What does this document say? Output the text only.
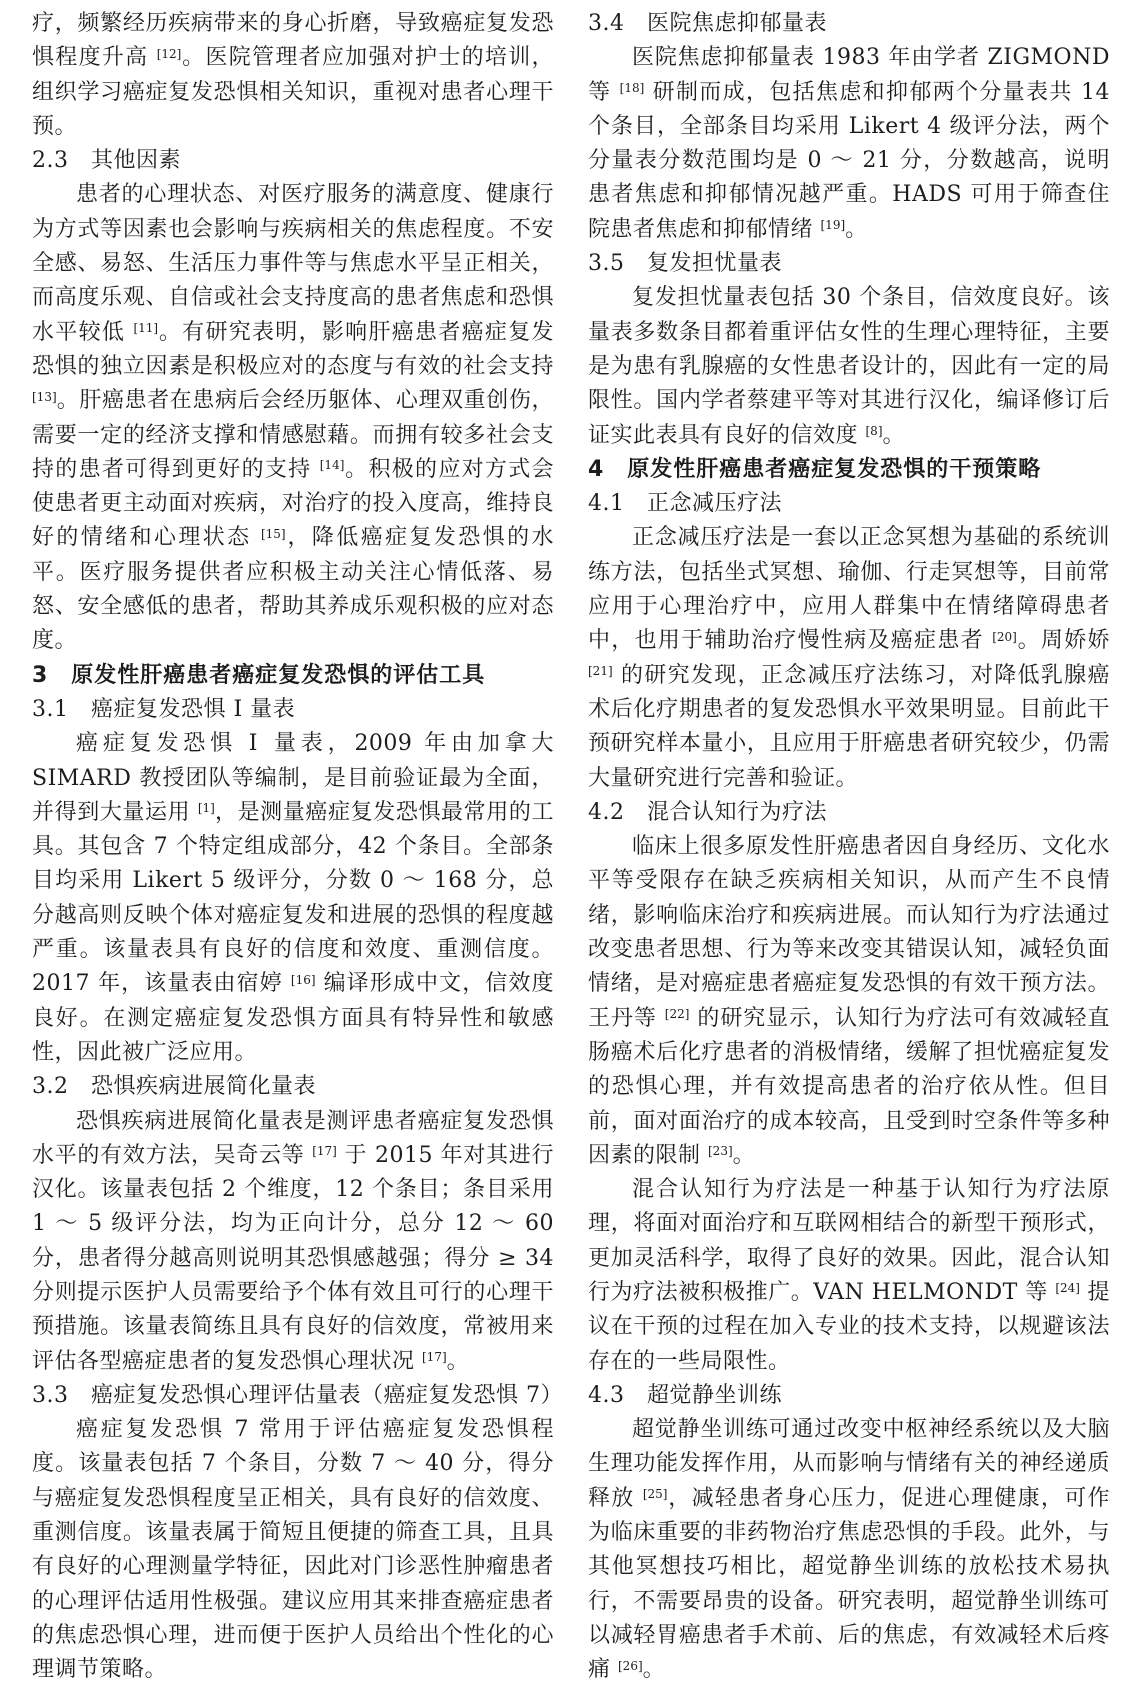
疗，频繁经历疾病带来的身心折磨，导致癌症复发恐惧程度升高 [12]。医院管理者应加强对护士的培训，组织学习癌症复发恐惧相关知识，重视对患者心理干预。
2.3　其他因素
患者的心理状态、对医疗服务的满意度、健康行为方式等因素也会影响与疾病相关的焦虑程度。不安全感、易怒、生活压力事件等与焦虑水平呈正相关，而高度乐观、自信或社会支持度高的患者焦虑和恐惧水平较低 [11]。有研究表明，影响肝癌患者癌症复发恐惧的独立因素是积极应对的态度与有效的社会支持 [13]。肝癌患者在患病后会经历躯体、心理双重创伤，需要一定的经济支撑和情感慰藉。而拥有较多社会支持的患者可得到更好的支持 [14]。积极的应对方式会使患者更主动面对疾病，对治疗的投入度高，维持良好的情绪和心理状态 [15]，降低癌症复发恐惧的水平。医疗服务提供者应积极主动关注心情低落、易怒、安全感低的患者，帮助其养成乐观积极的应对态度。
3　原发性肝癌患者癌症复发恐惧的评估工具
3.1　癌症复发恐惧 Ⅰ 量表
癌症复发恐惧 Ⅰ 量表，2009 年由加拿大 SIMARD 教授团队等编制，是目前验证最为全面，并得到大量运用 [1]，是测量癌症复发恐惧最常用的工具。其包含 7 个特定组成部分，42 个条目。全部条目均采用 Likert 5 级评分，分数 0 ～ 168 分，总分越高则反映个体对癌症复发和进展的恐惧的程度越严重。该量表具有良好的信度和效度、重测信度。2017 年，该量表由宿婷 [16] 编译形成中文，信效度良好。在测定癌症复发恐惧方面具有特异性和敏感性，因此被广泛应用。
3.2　恐惧疾病进展简化量表
恐惧疾病进展简化量表是测评患者癌症复发恐惧水平的有效方法，吴奇云等 [17] 于 2015 年对其进行汉化。该量表包括 2 个维度，12 个条目；条目采用 1 ～ 5 级评分法，均为正向计分，总分 12 ～ 60 分，患者得分越高则说明其恐惧感越强；得分 ≥ 34 分则提示医护人员需要给予个体有效且可行的心理干预措施。该量表简练且具有良好的信效度，常被用来评估各型癌症患者的复发恐惧心理状况 [17]。
3.3　癌症复发恐惧心理评估量表（癌症复发恐惧 7）
癌症复发恐惧 7 常用于评估癌症复发恐惧程度。该量表包括 7 个条目，分数 7 ～ 40 分，得分与癌症复发恐惧程度呈正相关，具有良好的信效度、重测信度。该量表属于简短且便捷的筛查工具，且具有良好的心理测量学特征，因此对门诊恶性肿瘤患者的心理评估适用性极强。建议应用其来排查癌症患者的焦虑恐惧心理，进而便于医护人员给出个性化的心理调节策略。
3.4　医院焦虑抑郁量表
医院焦虑抑郁量表 1983 年由学者 ZIGMOND 等 [18] 研制而成，包括焦虑和抑郁两个分量表共 14 个条目，全部条目均采用 Likert 4 级评分法，两个分量表分数范围均是 0 ～ 21 分，分数越高，说明患者焦虑和抑郁情况越严重。HADS 可用于筛查住院患者焦虑和抑郁情绪 [19]。
3.5　复发担忧量表
复发担忧量表包括 30 个条目，信效度良好。该量表多数条目都着重评估女性的生理心理特征，主要是为患有乳腺癌的女性患者设计的，因此有一定的局限性。国内学者蔡建平等对其进行汉化，编译修订后证实此表具有良好的信效度 [8]。
4　原发性肝癌患者癌症复发恐惧的干预策略
4.1　正念减压疗法
正念减压疗法是一套以正念冥想为基础的系统训练方法，包括坐式冥想、瑜伽、行走冥想等，目前常应用于心理治疗中，应用人群集中在情绪障碍患者中，也用于辅助治疗慢性病及癌症患者 [20]。周娇娇 [21] 的研究发现，正念减压疗法练习，对降低乳腺癌术后化疗期患者的复发恐惧水平效果明显。目前此干预研究样本量小，且应用于肝癌患者研究较少，仍需大量研究进行完善和验证。
4.2　混合认知行为疗法
临床上很多原发性肝癌患者因自身经历、文化水平等受限存在缺乏疾病相关知识，从而产生不良情绪，影响临床治疗和疾病进展。而认知行为疗法通过改变患者思想、行为等来改变其错误认知，减轻负面情绪，是对癌症患者癌症复发恐惧的有效干预方法。王丹等 [22] 的研究显示，认知行为疗法可有效减轻直肠癌术后化疗患者的消极情绪，缓解了担忧癌症复发的恐惧心理，并有效提高患者的治疗依从性。但目前，面对面治疗的成本较高，且受到时空条件等多种因素的限制 [23]。
混合认知行为疗法是一种基于认知行为疗法原理，将面对面治疗和互联网相结合的新型干预形式，更加灵活科学，取得了良好的效果。因此，混合认知行为疗法被积极推广。VAN HELMONDT 等 [24] 提议在干预的过程在加入专业的技术支持，以规避该法存在的一些局限性。
4.3　超觉静坐训练
超觉静坐训练可通过改变中枢神经系统以及大脑生理功能发挥作用，从而影响与情绪有关的神经递质释放 [25]，减轻患者身心压力，促进心理健康，可作为临床重要的非药物治疗焦虑恐惧的手段。此外，与其他冥想技巧相比，超觉静坐训练的放松技术易执行，不需要昂贵的设备。研究表明，超觉静坐训练可以减轻胃癌患者手术前、后的焦虑，有效减轻术后疼痛 [26]。
